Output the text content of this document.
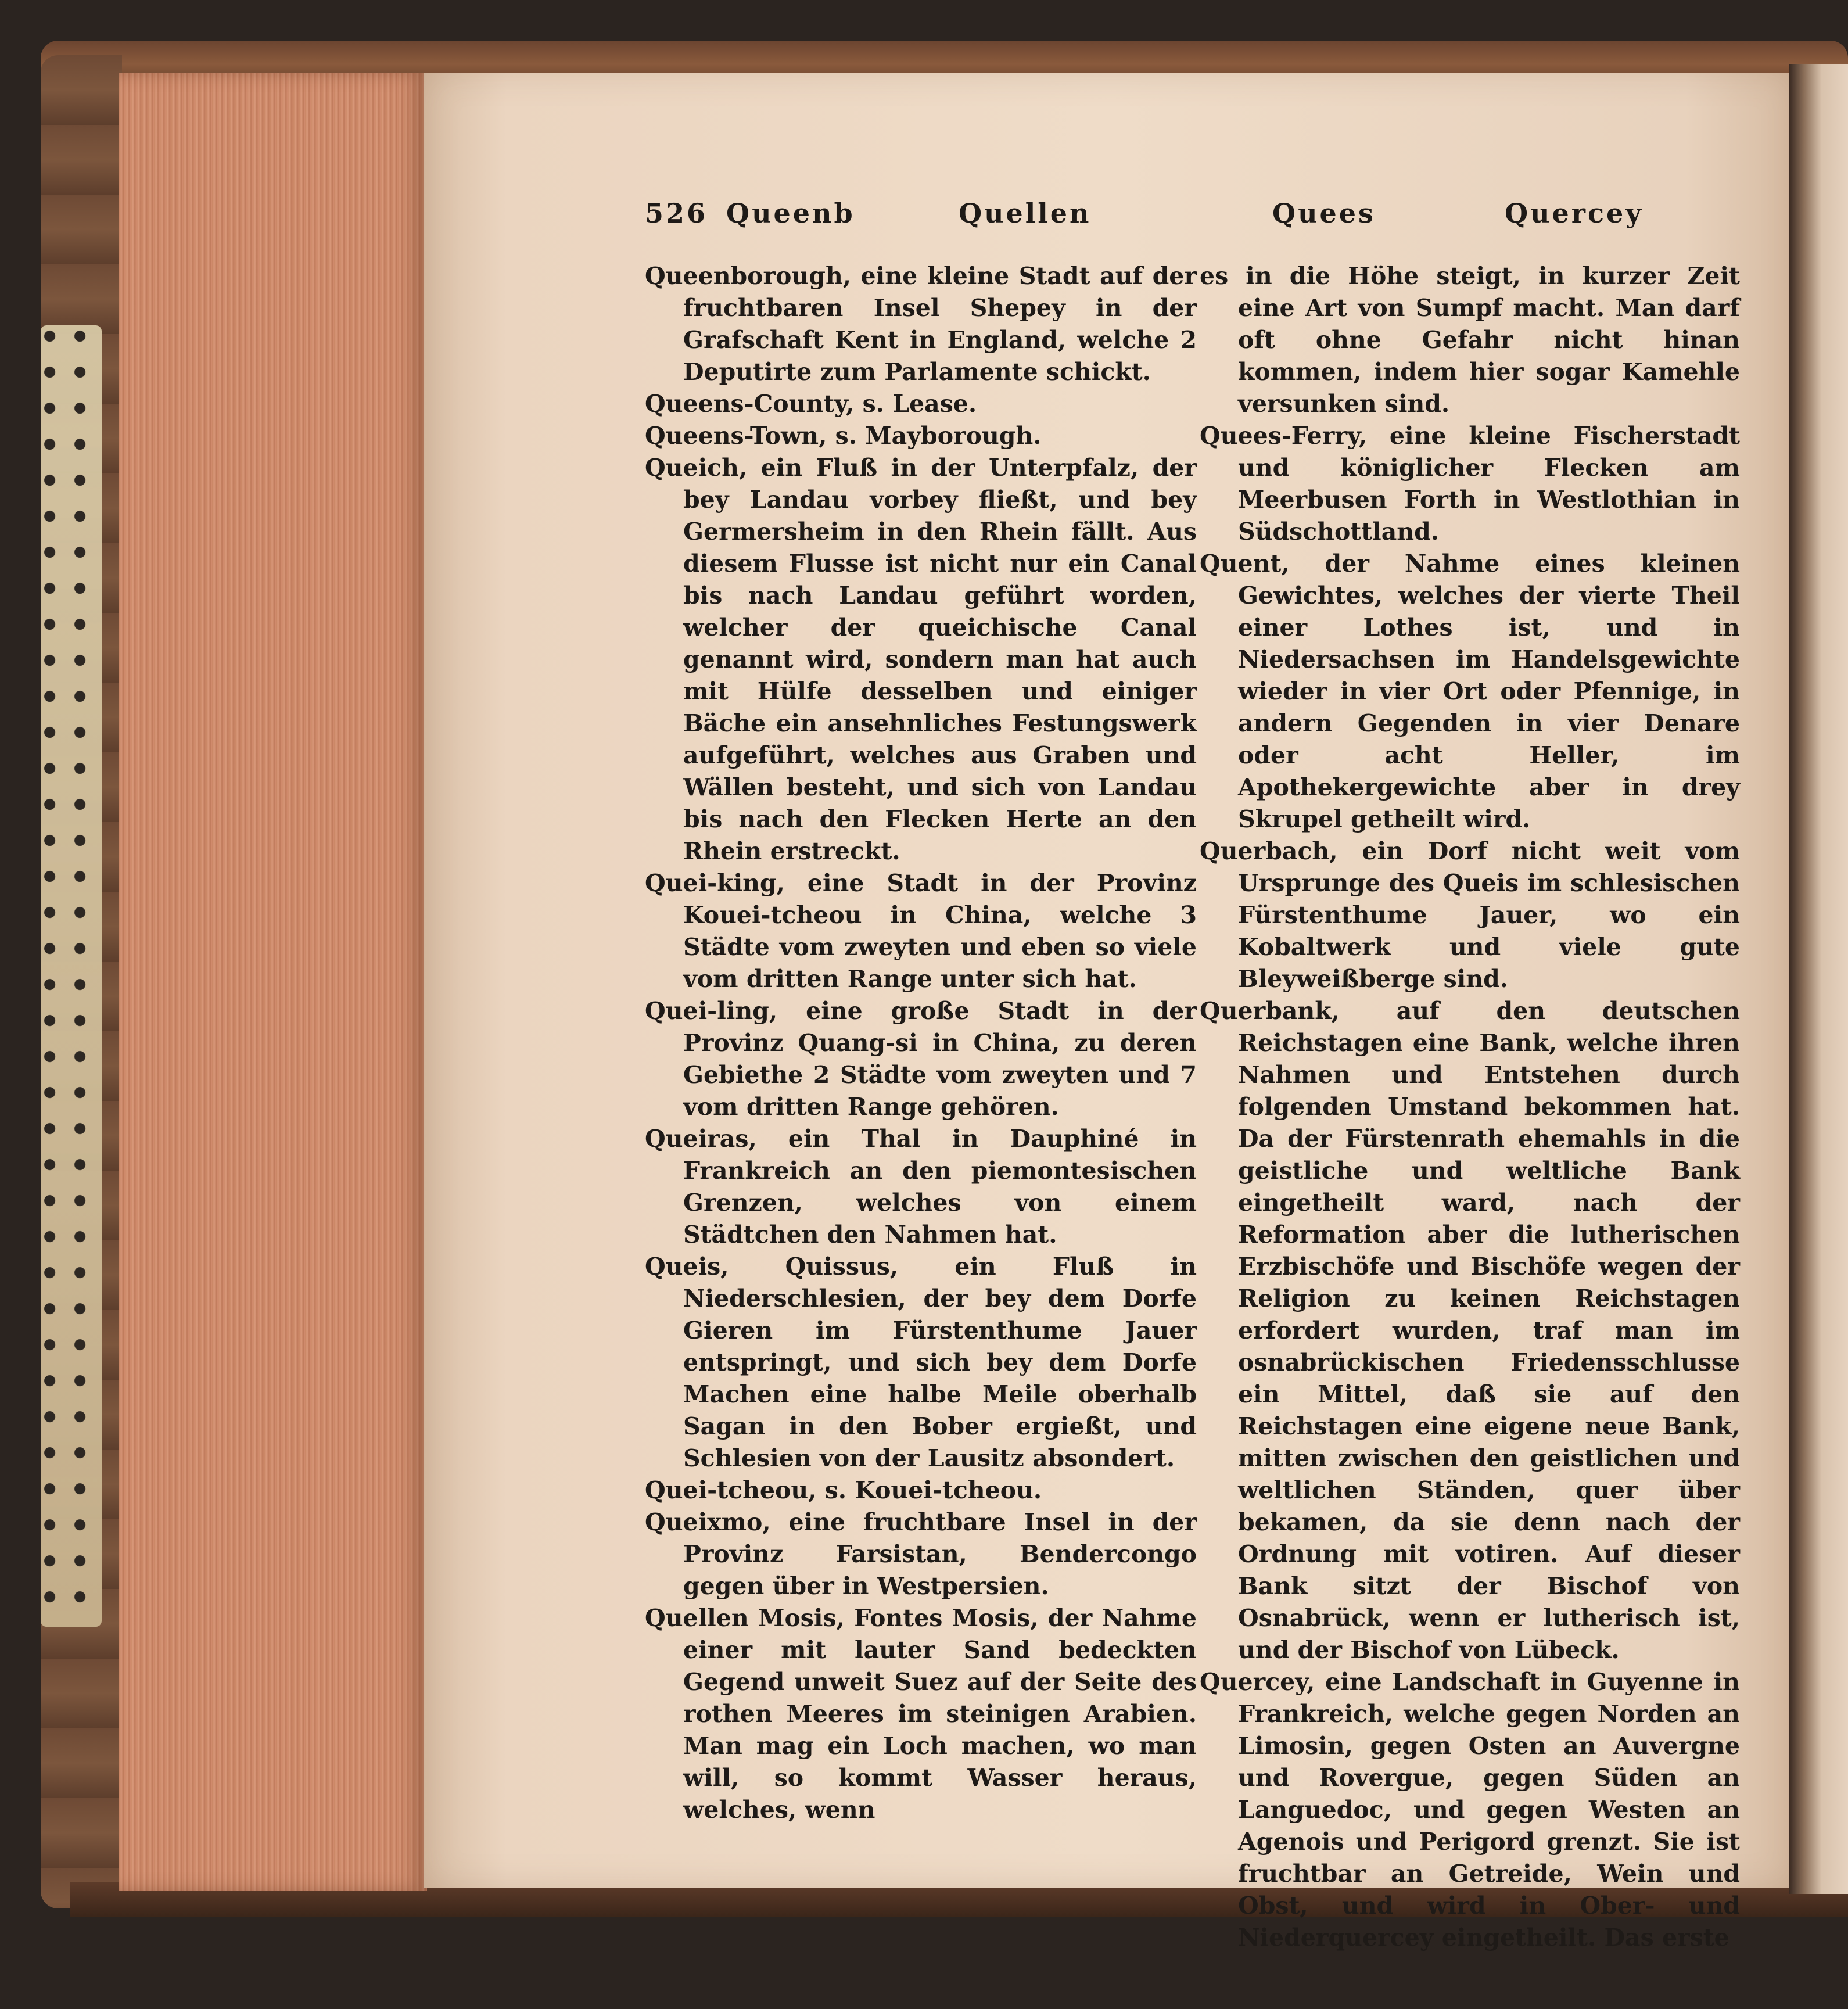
526 Queenb	Quellen	Quees	Quercey

Queenborough, eine kleine Stadt auf der fruchtbaren Insel Shepey in der Grafschaft Kent in England, welche 2 Deputirte zum Parlamente schickt.

Queens-County, s. Lease.

Queens-Town, s. Mayborough.

Queich, ein Fluß in der Unterpfalz, der bey Landau vorbey fließt, und bey Germersheim in den Rhein fällt. Aus diesem Flusse ist nicht nur ein Canal bis nach Landau geführt worden, welcher der queichische Canal genannt wird, sondern man hat auch mit Hülfe desselben und einiger Bäche ein ansehnliches Festungswerk aufgeführt, welches aus Graben und Wällen besteht, und sich von Landau bis nach den Flecken Herte an den Rhein erstreckt.

Quei-king, eine Stadt in der Provinz Kouei-tcheou in China, welche 3 Städte vom zweyten und eben so viele vom dritten Range unter sich hat.

Quei-ling, eine große Stadt in der Provinz Quang-si in China, zu deren Gebiethe 2 Städte vom zweyten und 7 vom dritten Range gehören.

Queiras, ein Thal in Dauphiné in Frankreich an den piemontesischen Grenzen, welches von einem Städtchen den Nahmen hat.

Queis, Quissus, ein Fluß in Niederschlesien, der bey dem Dorfe Gieren im Fürstenthume Jauer entspringt, und sich bey dem Dorfe Machen eine halbe Meile oberhalb Sagan in den Bober ergießt, und Schlesien von der Lausitz absondert.

Quei-tcheou, s. Kouei-tcheou.

Queixmo, eine fruchtbare Insel in der Provinz Farsistan, Bendercongo gegen über in Westpersien.

Quellen Mosis, Fontes Mosis, der Nahme einer mit lauter Sand bedeckten Gegend unweit Suez auf der Seite des rothen Meeres im steinigen Arabien. Man mag ein Loch machen, wo man will, so kommt Wasser heraus, welches, wenn

es in die Höhe steigt, in kurzer Zeit eine Art von Sumpf macht. Man darf oft ohne Gefahr nicht hinan kommen, indem hier sogar Kamehle versunken sind.

Quees-Ferry, eine kleine Fischerstadt und königlicher Flecken am Meerbusen Forth in Westlothian in Südschottland.

Quent, der Nahme eines kleinen Gewichtes, welches der vierte Theil einer Lothes ist, und in Niedersachsen im Handelsgewichte wieder in vier Ort oder Pfennige, in andern Gegenden in vier Denare oder acht Heller, im Apothekergewichte aber in drey Skrupel getheilt wird.

Querbach, ein Dorf nicht weit vom Ursprunge des Queis im schlesischen Fürstenthume Jauer, wo ein Kobaltwerk und viele gute Bleyweißberge sind.

Querbank, auf den deutschen Reichstagen eine Bank, welche ihren Nahmen und Entstehen durch folgenden Umstand bekommen hat. Da der Fürstenrath ehemahls in die geistliche und weltliche Bank eingetheilt ward, nach der Reformation aber die lutherischen Erzbischöfe und Bischöfe wegen der Religion zu keinen Reichstagen erfordert wurden, traf man im osnabrückischen Friedensschlusse ein Mittel, daß sie auf den Reichstagen eine eigene neue Bank, mitten zwischen den geistlichen und weltlichen Ständen, quer über bekamen, da sie denn nach der Ordnung mit votiren. Auf dieser Bank sitzt der Bischof von Osnabrück, wenn er lutherisch ist, und der Bischof von Lübeck.

Quercey, eine Landschaft in Guyenne in Frankreich, welche gegen Norden an Limosin, gegen Osten an Auvergne und Rovergue, gegen Süden an Languedoc, und gegen Westen an Agenois und Perigord grenzt. Sie ist fruchtbar an Getreide, Wein und Obst, und wird in Ober- und Niederquercey eingetheilt. Das erste
